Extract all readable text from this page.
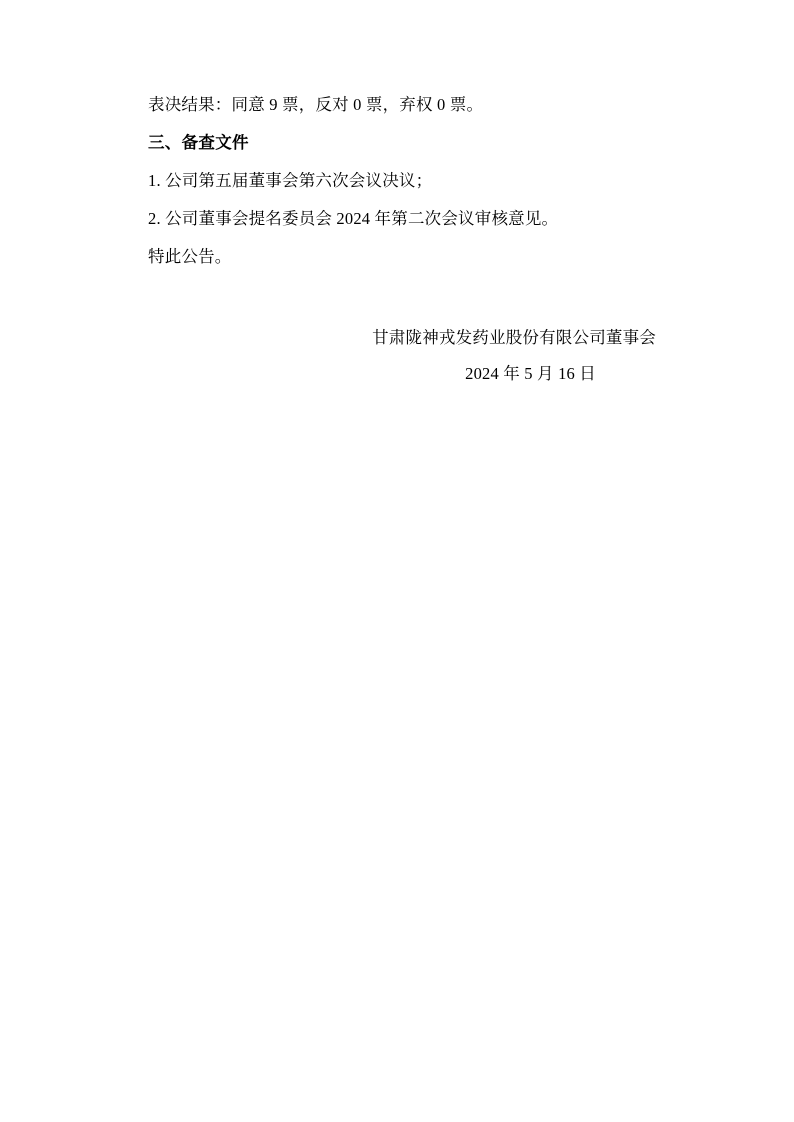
表决结果：同意 9 票，反对 0 票，弃权 0 票。
三、备查文件
1. 公司第五届董事会第六次会议决议；
2. 公司董事会提名委员会 2024 年第二次会议审核意见。
特此公告。
甘肃陇神戎发药业股份有限公司董事会
2024 年 5 月 16 日
